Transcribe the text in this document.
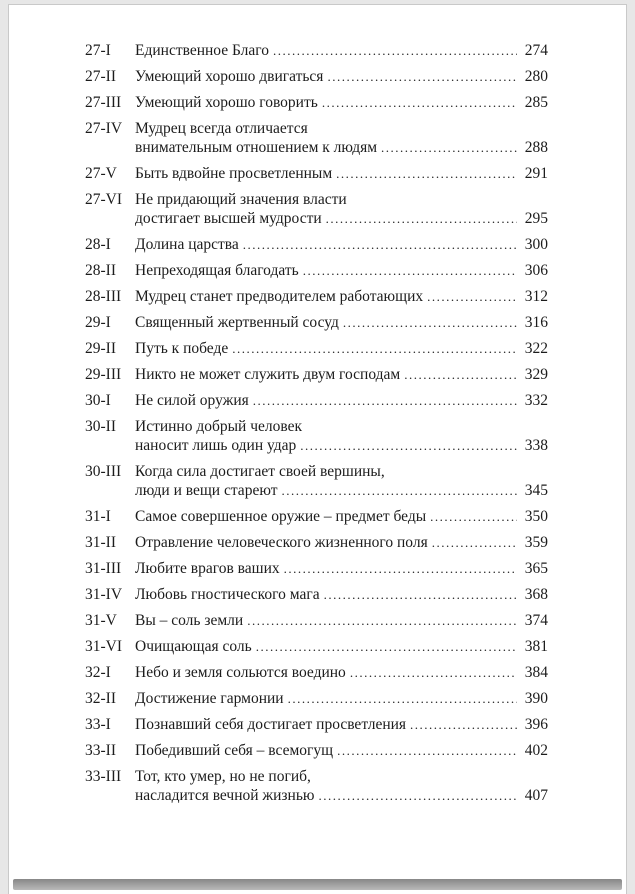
27-I	Единственное Благо .....	274
27-II	Умеющий хорошо двигаться .....	280
27-III Умеющий хорошо говорить .....	285
27-IV Мудрец всегда отличается
внимательным отношением к людям .....	288
27-V	Быть вдвойне просветленным .....	291
27-VI Не придающий значения власти
достигает высшей мудрости .....	295
28-I	Долина царства .....	300
28-II	Непреходящая благодать .....	306
28-III Мудрец станет предводителем работающих .....	312
29-I	Священный жертвенный сосуд .....	316
29-II	Путь к победе .....	322
29-III Никто не может служить двум господам .....	329
30-I	Не силой оружия .....	332
30-II	Истинно добрый человек
наносит лишь один удар .....	338
30-III Когда сила достигает своей вершины,
люди и вещи стареют .....	345
31-I	Самое совершенное оружие – предмет беды .....	350
31-II	Отравление человеческого жизненного поля .....	359
31-III Любите врагов ваших .....	365
31-IV Любовь гностического мага .....	368
31-V	Вы – соль земли .....	374
31-VI Очищающая соль .....	381
32-I	Небо и земля сольются воедино .....	384
32-II	Достижение гармонии .....	390
33-I	Познавший себя достигает просветления .....	396
33-II	Победивший себя – всемогущ .....	402
33-III Тот, кто умер, но не погиб,
насладится вечной жизнью .....	407
